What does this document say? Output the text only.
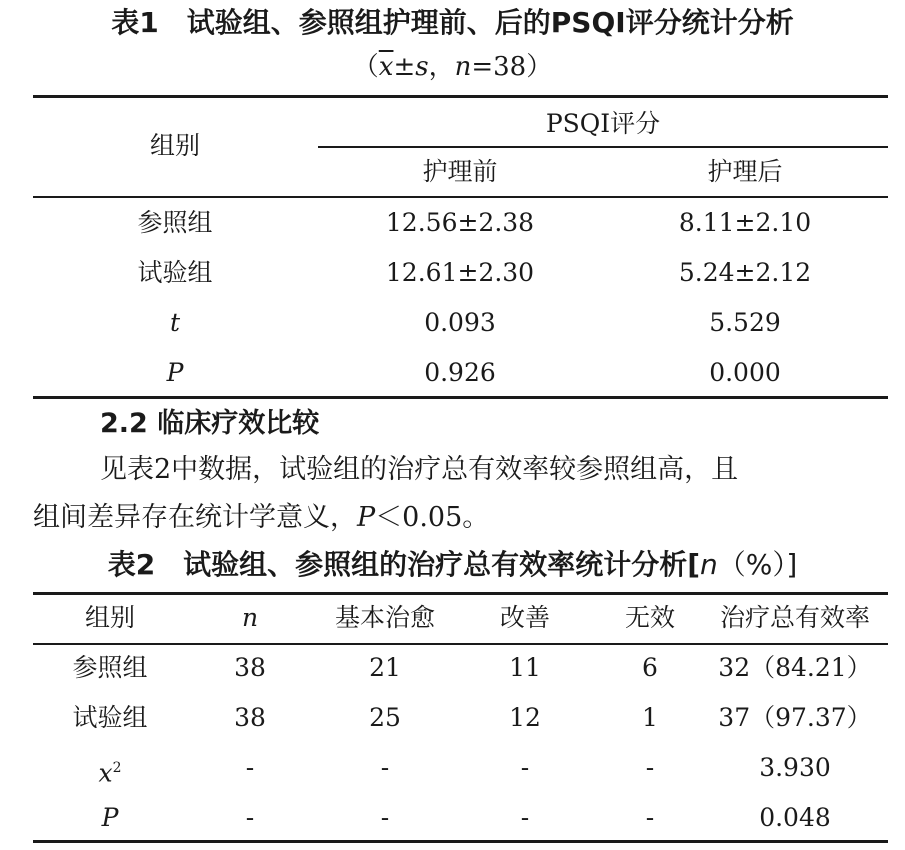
表1　试验组、参照组护理前、后的PSQI评分统计分析
（$\overline{x}\pm s$，n=38）
组别
PSQI评分
护理前	护理后
参照组	12.56±2.38	8.11±2.10
试验组	12.61±2.30	5.24±2.12
t	0.093	5.529
P	0.926	0.000
2.2 临床疗效比较
见表2中数据，试验组的治疗总有效率较参照组高，且
组间差异存在统计学意义，P＜0.05。
表2　试验组、参照组的治疗总有效率统计分析[n（%）]
组别	n	基本治愈	改善	无效	治疗总有效率
参照组	38	21	11	6	32（84.21）
试验组	38	25	12	1	37（97.37）
$x^2$	-	-	-	-	3.930
P	-	-	-	-	0.048
